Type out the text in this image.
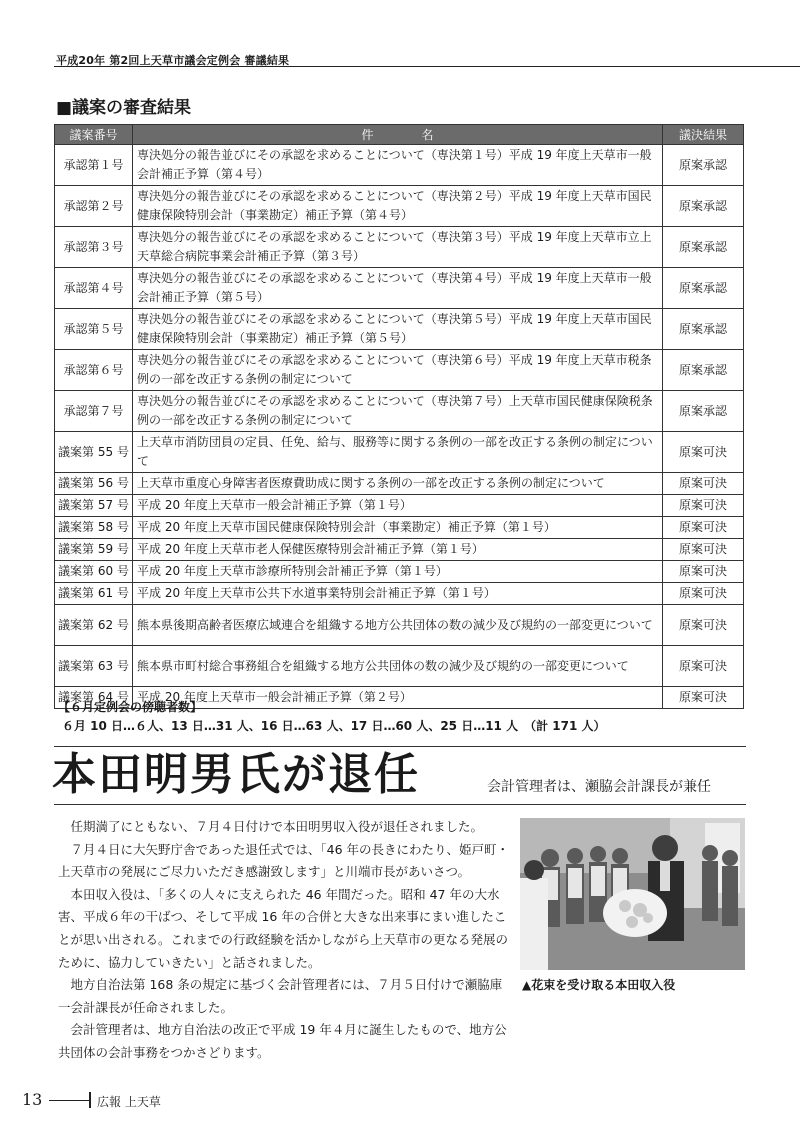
平成20年 第2回上天草市議会定例会 審議結果
■議案の審査結果
議案番号	件　　　　名	議決結果
承認第１号	専決処分の報告並びにその承認を求めることについて（専決第１号）平成 19 年度上天草市一般会計補正予算（第４号）	原案承認
承認第２号	専決処分の報告並びにその承認を求めることについて（専決第２号）平成 19 年度上天草市国民健康保険特別会計（事業勘定）補正予算（第４号）	原案承認
承認第３号	専決処分の報告並びにその承認を求めることについて（専決第３号）平成 19 年度上天草市立上天草総合病院事業会計補正予算（第３号）	原案承認
承認第４号	専決処分の報告並びにその承認を求めることについて（専決第４号）平成 19 年度上天草市一般会計補正予算（第５号）	原案承認
承認第５号	専決処分の報告並びにその承認を求めることについて（専決第５号）平成 19 年度上天草市国民健康保険特別会計（事業勘定）補正予算（第５号）	原案承認
承認第６号	専決処分の報告並びにその承認を求めることについて（専決第６号）平成 19 年度上天草市税条例の一部を改正する条例の制定について	原案承認
承認第７号	専決処分の報告並びにその承認を求めることについて（専決第７号）上天草市国民健康保険税条例の一部を改正する条例の制定について	原案承認
議案第 55 号	上天草市消防団員の定員、任免、給与、服務等に関する条例の一部を改正する条例の制定について	原案可決
議案第 56 号	上天草市重度心身障害者医療費助成に関する条例の一部を改正する条例の制定について	原案可決
議案第 57 号	平成 20 年度上天草市一般会計補正予算（第１号）	原案可決
議案第 58 号	平成 20 年度上天草市国民健康保険特別会計（事業勘定）補正予算（第１号）	原案可決
議案第 59 号	平成 20 年度上天草市老人保健医療特別会計補正予算（第１号）	原案可決
議案第 60 号	平成 20 年度上天草市診療所特別会計補正予算（第１号）	原案可決
議案第 61 号	平成 20 年度上天草市公共下水道事業特別会計補正予算（第１号）	原案可決
議案第 62 号	熊本県後期高齢者医療広域連合を組織する地方公共団体の数の減少及び規約の一部変更について	原案可決
議案第 63 号	熊本県市町村総合事務組合を組織する地方公共団体の数の減少及び規約の一部変更について	原案可決
議案第 64 号	平成 20 年度上天草市一般会計補正予算（第２号）	原案可決
【６月定例会の傍聴者数】
６月 10 日…６人、13 日…31 人、16 日…63 人、17 日…60 人、25 日…11 人　（計 171 人）
本田明男氏が退任	会計管理者は、瀬脇会計課長が兼任

任期満了にともない、７月４日付けで本田明男収入役が退任されました。

７月４日に大矢野庁舎であった退任式では、「46 年の長きにわたり、姫戸町・上天草市の発展にご尽力いただき感謝致します」と川端市長があいさつ。

本田収入役は、「多くの人々に支えられた 46 年間だった。昭和 47 年の大水害、平成６年の干ばつ、そして平成 16 年の合併と大きな出来事にまい進したことが思い出される。これまでの行政経験を活かしながら上天草市の更なる発展のために、協力していきたい」と話されました。

地方自治法第 168 条の規定に基づく会計管理者には、７月５日付けで瀬脇庫一会計課長が任命されました。

会計管理者は、地方自治法の改正で平成 19 年４月に誕生したもので、地方公共団体の会計事務をつかさどります。

▲花束を受け取る本田収入役
13	広報 上天草
